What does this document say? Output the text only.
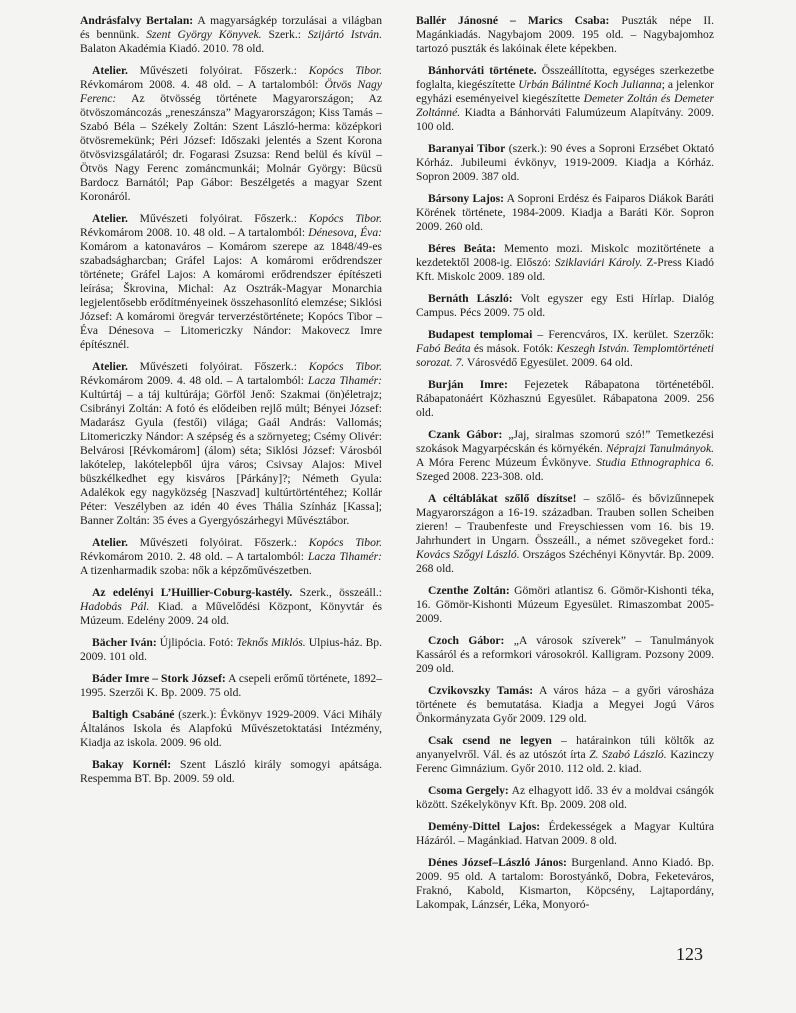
Andrásfalvy Bertalan: A magyarságkép torzulásai a világban és bennünk. Szent György Könyvek. Szerk.: Szijártó István. Balaton Akadémia Kiadó. 2010. 78 old.

Atelier. Művészeti folyóirat. Főszerk.: Kopócs Tibor. Révkomárom 2008. 4. 48 old. – A tartalomból: Ötvös Nagy Ferenc: Az ötvösség története Magyarországon; Az ötvöszománcozás „reneszánsza” Magyarországon; Kiss Tamás – Szabó Béla – Székely Zoltán: Szent László-herma: középkori ötvösremekünk; Péri József: Időszaki jelentés a Szent Korona ötvösvizsgálatáról; dr. Fogarasi Zsuzsa: Rend belül és kívül – Ötvös Nagy Ferenc zománcmunkái; Molnár György: Bücsü Bardocz Barnától; Pap Gábor: Beszélgetés a magyar Szent Koronáról.

Atelier. Művészeti folyóirat. Főszerk.: Kopócs Tibor. Révkomárom 2008. 10. 48 old. – A tartalomból: Dénesova, Éva: Komárom a katonaváros – Komárom szerepe az 1848/49-es szabadságharcban; Gráfel Lajos: A komáromi erődrendszer története; Gráfel Lajos: A komáromi erődrendszer építészeti leírása; Škrovina, Michal: Az Osztrák-Magyar Monarchia legjelentősebb erődítményeinek összehasonlító elemzése; Siklósi József: A komáromi öregvár terverzéstörténete; Kopócs Tibor – Éva Dénesova – Litomericzky Nándor: Makovecz Imre építésznél.

Atelier. Művészeti folyóirat. Főszerk.: Kopócs Tibor. Révkomárom 2009. 4. 48 old. – A tartalomból: Lacza Tihamér: Kultúrtáj – a táj kultúrája; Görföl Jenő: Szakmai (ön)életrajz; Csibrányi Zoltán: A fotó és elődeiben rejlő múlt; Bényei József: Madarász Gyula (festői) világa; Gaál András: Vallomás; Litomericzky Nándor: A szépség és a szörnyeteg; Csémy Olivér: Belvárosi [Révkomárom] (álom) séta; Siklósi József: Városból lakótelep, lakótelepből újra város; Csivsay Alajos: Mivel büszkélkedhet egy kisváros [Párkány]?; Németh Gyula: Adalékok egy nagyközség [Naszvad] kultúrtörténtéhez; Kollár Péter: Veszélyben az idén 40 éves Thália Színház [Kassa]; Banner Zoltán: 35 éves a Gyergyószárhegyi Művésztábor.

Atelier. Művészeti folyóirat. Főszerk.: Kopócs Tibor. Révkomárom 2010. 2. 48 old. – A tartalomból: Lacza Tihamér: A tizenharmadik szoba: nők a képzőművészetben.

Az edelényi L’Huillier-Coburg-kastély. Szerk., összeáll.: Hadobás Pál. Kiad. a Művelődési Központ, Könyvtár és Múzeum. Edelény 2009. 24 old.

Bächer Iván: Újlipócia. Fotó: Teknős Miklós. Ulpius-ház. Bp. 2009. 101 old.

Báder Imre – Stork József: A csepeli erőmű története, 1892–1995. Szerzői K. Bp. 2009. 75 old.

Baltigh Csabáné (szerk.): Évkönyv 1929-2009. Váci Mihály Általános Iskola és Alapfokú Művészetoktatási Intézmény, Kiadja az iskola. 2009. 96 old.

Bakay Kornél: Szent László király somogyi apátsága. Respemma BT. Bp. 2009. 59 old.

Ballér Jánosné – Marics Csaba: Puszták népe II. Magánkiadás. Nagybajom 2009. 195 old. – Nagybajomhoz tartozó puszták és lakóinak élete képekben.

Bánhorváti története. Összeállította, egységes szerkezetbe foglalta, kiegészítette Urbán Bálintné Koch Julianna; a jelenkor egyházi eseményeivel kiegészítette Demeter Zoltán és Demeter Zoltánné. Kiadta a Bánhorváti Falumúzeum Alapítvány. 2009. 100 old.

Baranyai Tibor (szerk.): 90 éves a Soproni Erzsébet Oktató Kórház. Jubileumi évkönyv, 1919-2009. Kiadja a Kórház. Sopron 2009. 387 old.

Bársony Lajos: A Soproni Erdész és Faiparos Diákok Baráti Körének története, 1984-2009. Kiadja a Baráti Kör. Sopron 2009. 260 old.

Béres Beáta: Memento mozi. Miskolc mozitörténete a kezdetektől 2008-ig. Előszó: Sziklaviári Károly. Z-Press Kiadó Kft. Miskolc 2009. 189 old.

Bernáth László: Volt egyszer egy Esti Hírlap. Dialóg Campus. Pécs 2009. 75 old.

Budapest templomai – Ferencváros, IX. kerület. Szerzők: Fabó Beáta és mások. Fotók: Keszegh István. Templomtörténeti sorozat. 7. Városvédő Egyesület. 2009. 64 old.

Burján Imre: Fejezetek Rábapatona történetéből. Rábapatonáért Közhasznú Egyesület. Rábapatona 2009. 256 old.

Czank Gábor: „Jaj, siralmas szomorú szó!” Temetkezési szokások Magyarpécskán és környékén. Néprajzi Tanulmányok. A Móra Ferenc Múzeum Évkönyve. Studia Ethnographica 6. Szeged 2008. 223-308. old.

A céltáblákat szőlő díszítse! – szőlő- és bővizűnnepek Magyarországon a 16-19. században. Trauben sollen Scheiben zieren! – Traubenfeste und Freyschiessen vom 16. bis 19. Jahrhundert in Ungarn. Összeáll., a német szövegeket ford.: Kovács Szőgyi László. Országos Széchényi Könyvtár. Bp. 2009. 268 old.

Czenthe Zoltán: Gömöri atlantisz 6. Gömör-Kishonti téka, 16. Gömör-Kishonti Múzeum Egyesület. Rimaszombat 2005-2009.

Czoch Gábor: „A városok szíverek” – Tanulmányok Kassáról és a reformkori városokról. Kalligram. Pozsony 2009. 209 old.

Czvikovszky Tamás: A város háza – a győri városháza története és bemutatása. Kiadja a Megyei Jogú Város Önkormányzata Győr 2009. 129 old.

Csak csend ne legyen – határainkon túli költők az anyanyelvről. Vál. és az utószót írta Z. Szabó László. Kazinczy Ferenc Gimnázium. Győr 2010. 112 old. 2. kiad.

Csoma Gergely: Az elhagyott idő. 33 év a moldvai csángók között. Székelykönyv Kft. Bp. 2009. 208 old.

Demény-Dittel Lajos: Érdekességek a Magyar Kultúra Házáról. – Magánkiad. Hatvan 2009. 8 old.

Dénes József–László János: Burgenland. Anno Kiadó. Bp. 2009. 95 old. A tartalom: Borostyánkő, Dobra, Feketeváros, Fraknó, Kabold, Kismarton, Köpcsény, Lajtapordány, Lakompak, Lánzsér, Léka, Monyoró-

123
